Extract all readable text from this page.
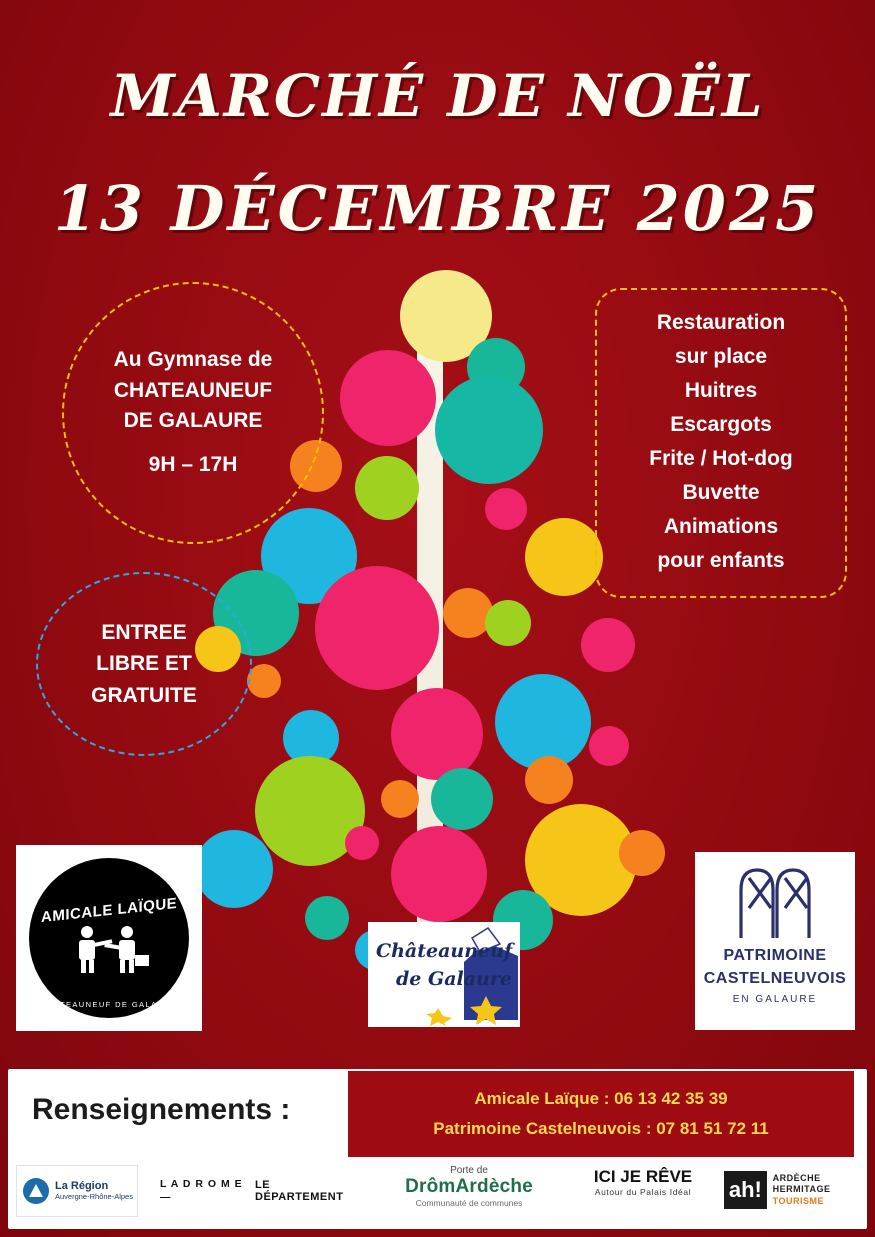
MARCHÉ DE NOËL
13 DÉCEMBRE 2025
Au Gymnase de
CHATEAUNEUF
DE GALAURE
9H – 17H
ENTREE
LIBRE ET
GRATUITE
Restauration
sur place
Huitres
Escargots
Frite / Hot-dog
Buvette
Animations
pour enfants
AMICALE LAÏQUE
CHATEAUNEUF DE GALAURE
Châteauneuf
de Galaure
PATRIMOINE
CASTELNEUVOIS
EN GALAURE
Renseignements :	Amicale Laïque : 06 13 42 35 39
Patrimoine Castelneuvois : 07 81 51 72 11
La Région
Auvergne-Rhône-Alpes
L A D R O M E —
LE DÉPARTEMENT
Porte de
DrômArdèche
Communauté de communes
ICI JE RÊVE
Autour du Palais Idéal	ah!	ARDÈCHE HERMITAGE
TOURISME
